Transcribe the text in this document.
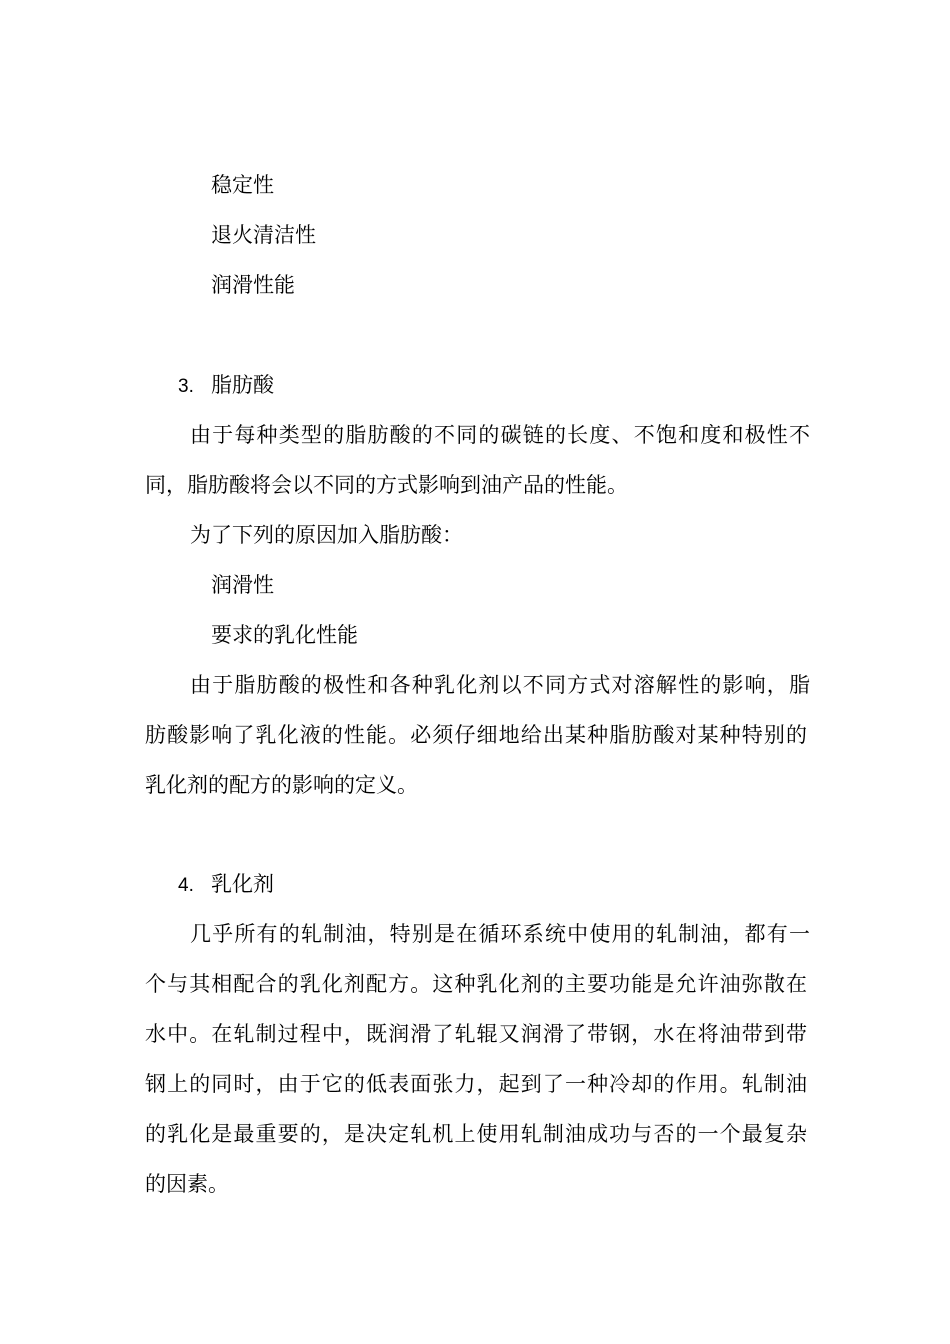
稳定性
退火清洁性
润滑性能
3. 脂肪酸
由于每种类型的脂肪酸的不同的碳链的长度、不饱和度和极性不
同，脂肪酸将会以不同的方式影响到油产品的性能。
为了下列的原因加入脂肪酸：
润滑性
要求的乳化性能
由于脂肪酸的极性和各种乳化剂以不同方式对溶解性的影响，脂
肪酸影响了乳化液的性能。必须仔细地给出某种脂肪酸对某种特别的
乳化剂的配方的影响的定义。
4. 乳化剂
几乎所有的轧制油，特别是在循环系统中使用的轧制油，都有一
个与其相配合的乳化剂配方。这种乳化剂的主要功能是允许油弥散在
水中。在轧制过程中，既润滑了轧辊又润滑了带钢，水在将油带到带
钢上的同时，由于它的低表面张力，起到了一种冷却的作用。轧制油
的乳化是最重要的，是决定轧机上使用轧制油成功与否的一个最复杂
的因素。
